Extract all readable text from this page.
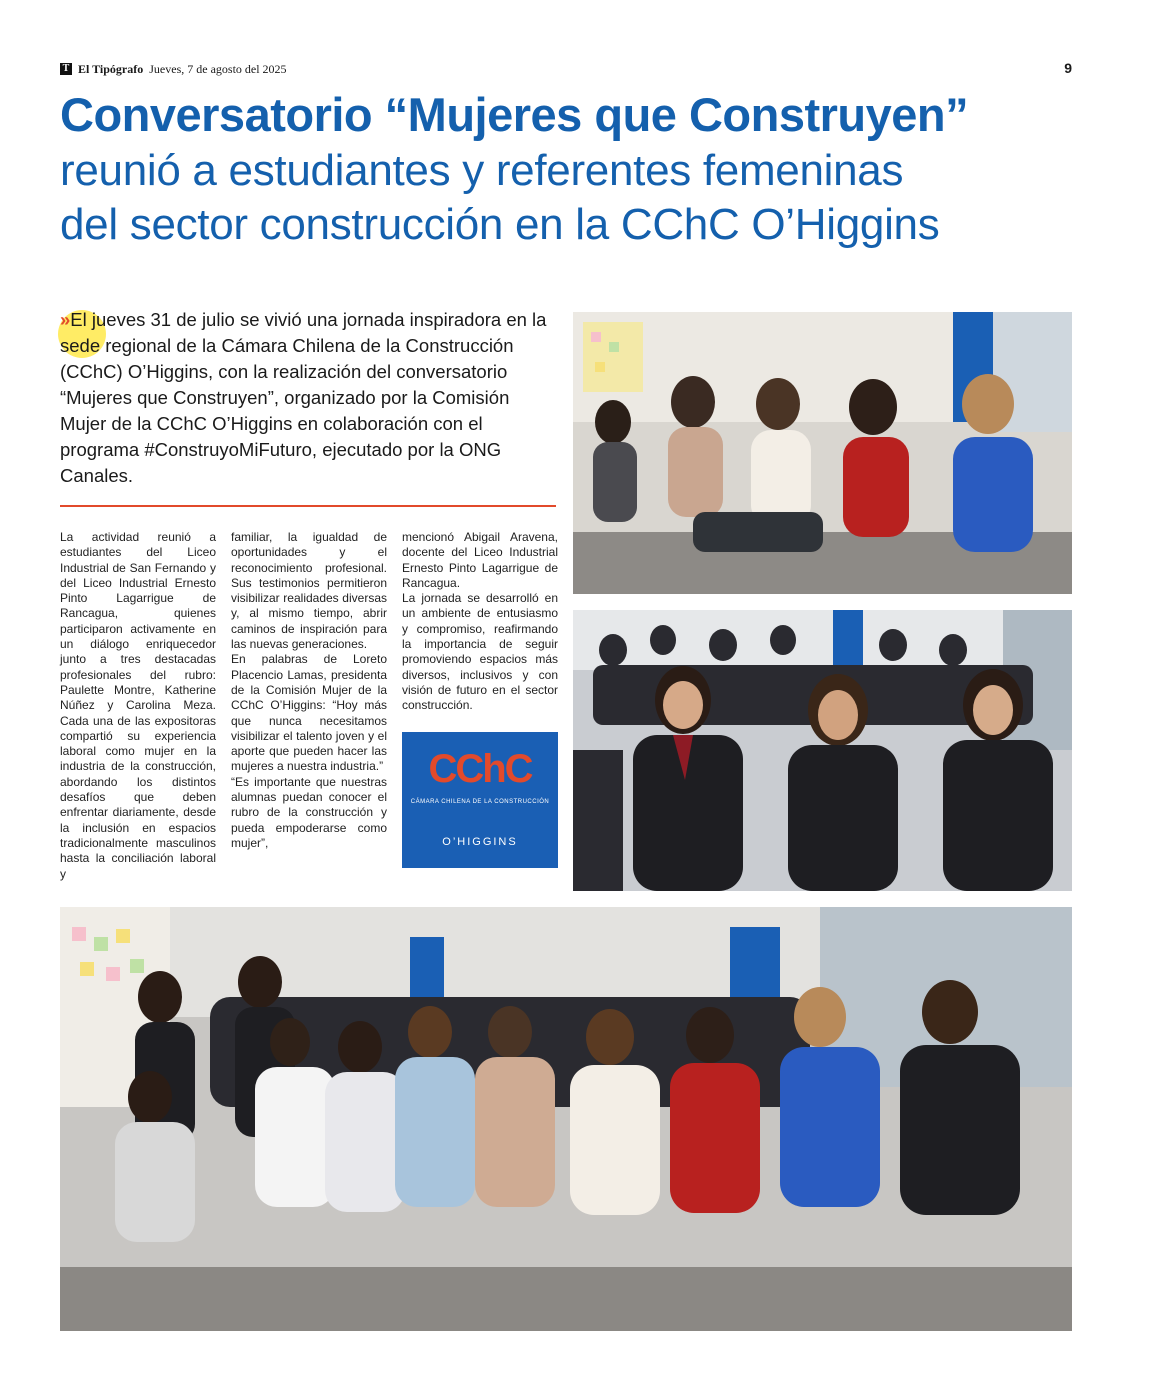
T El Tipógrafo Jueves, 7 de agosto del 2025	9
Conversatorio “Mujeres que Construyen”
reunió a estudiantes y referentes femeninas
del sector construcción en la CChC O’Higgins

»El jueves 31 de julio se vivió una jornada inspiradora en la sede regional de la Cámara Chilena de la Construcción (CChC) O’Higgins, con la realización del conversatorio “Mujeres que Construyen”, organizado por la Comisión Mujer de la CChC O’Higgins en colaboración con el programa #ConstruyoMiFuturo, ejecutado por la ONG Canales.

La actividad reunió a estudiantes del Liceo Industrial de San Fernando y del Liceo Industrial Ernesto Pinto Lagarrigue de Rancagua, quienes participaron activamente en un diálogo enriquecedor junto a tres destacadas profesionales del rubro: Paulette Montre, Katherine Núñez y Carolina Meza. Cada una de las expositoras compartió su experiencia laboral como mujer en la industria de la construcción, abordando los distintos desafíos que deben enfrentar diariamente, desde la inclusión en espacios tradicionalmente masculinos hasta la conciliación laboral y

familiar, la igualdad de oportunidades y el reconocimiento profesional. Sus testimonios permitieron visibilizar realidades diversas y, al mismo tiempo, abrir caminos de inspiración para las nuevas generaciones.

En palabras de Loreto Placencio Lamas, presidenta de la Comisión Mujer de la CChC O’Higgins: “Hoy más que nunca necesitamos visibilizar el talento joven y el aporte que pueden hacer las mujeres a nuestra industria.”

“Es importante que nuestras alumnas puedan conocer el rubro de la construcción y pueda empoderarse como mujer”,

mencionó Abigail Aravena, docente del Liceo Industrial Ernesto Pinto Lagarrigue de Rancagua.

La jornada se desarrolló en un ambiente de entusiasmo y compromiso, reafirmando la importancia de seguir promoviendo espacios más diversos, inclusivos y con visión de futuro en el sector construcción.

CChC
CÁMARA CHILENA DE LA CONSTRUCCIÓN
O’HIGGINS
